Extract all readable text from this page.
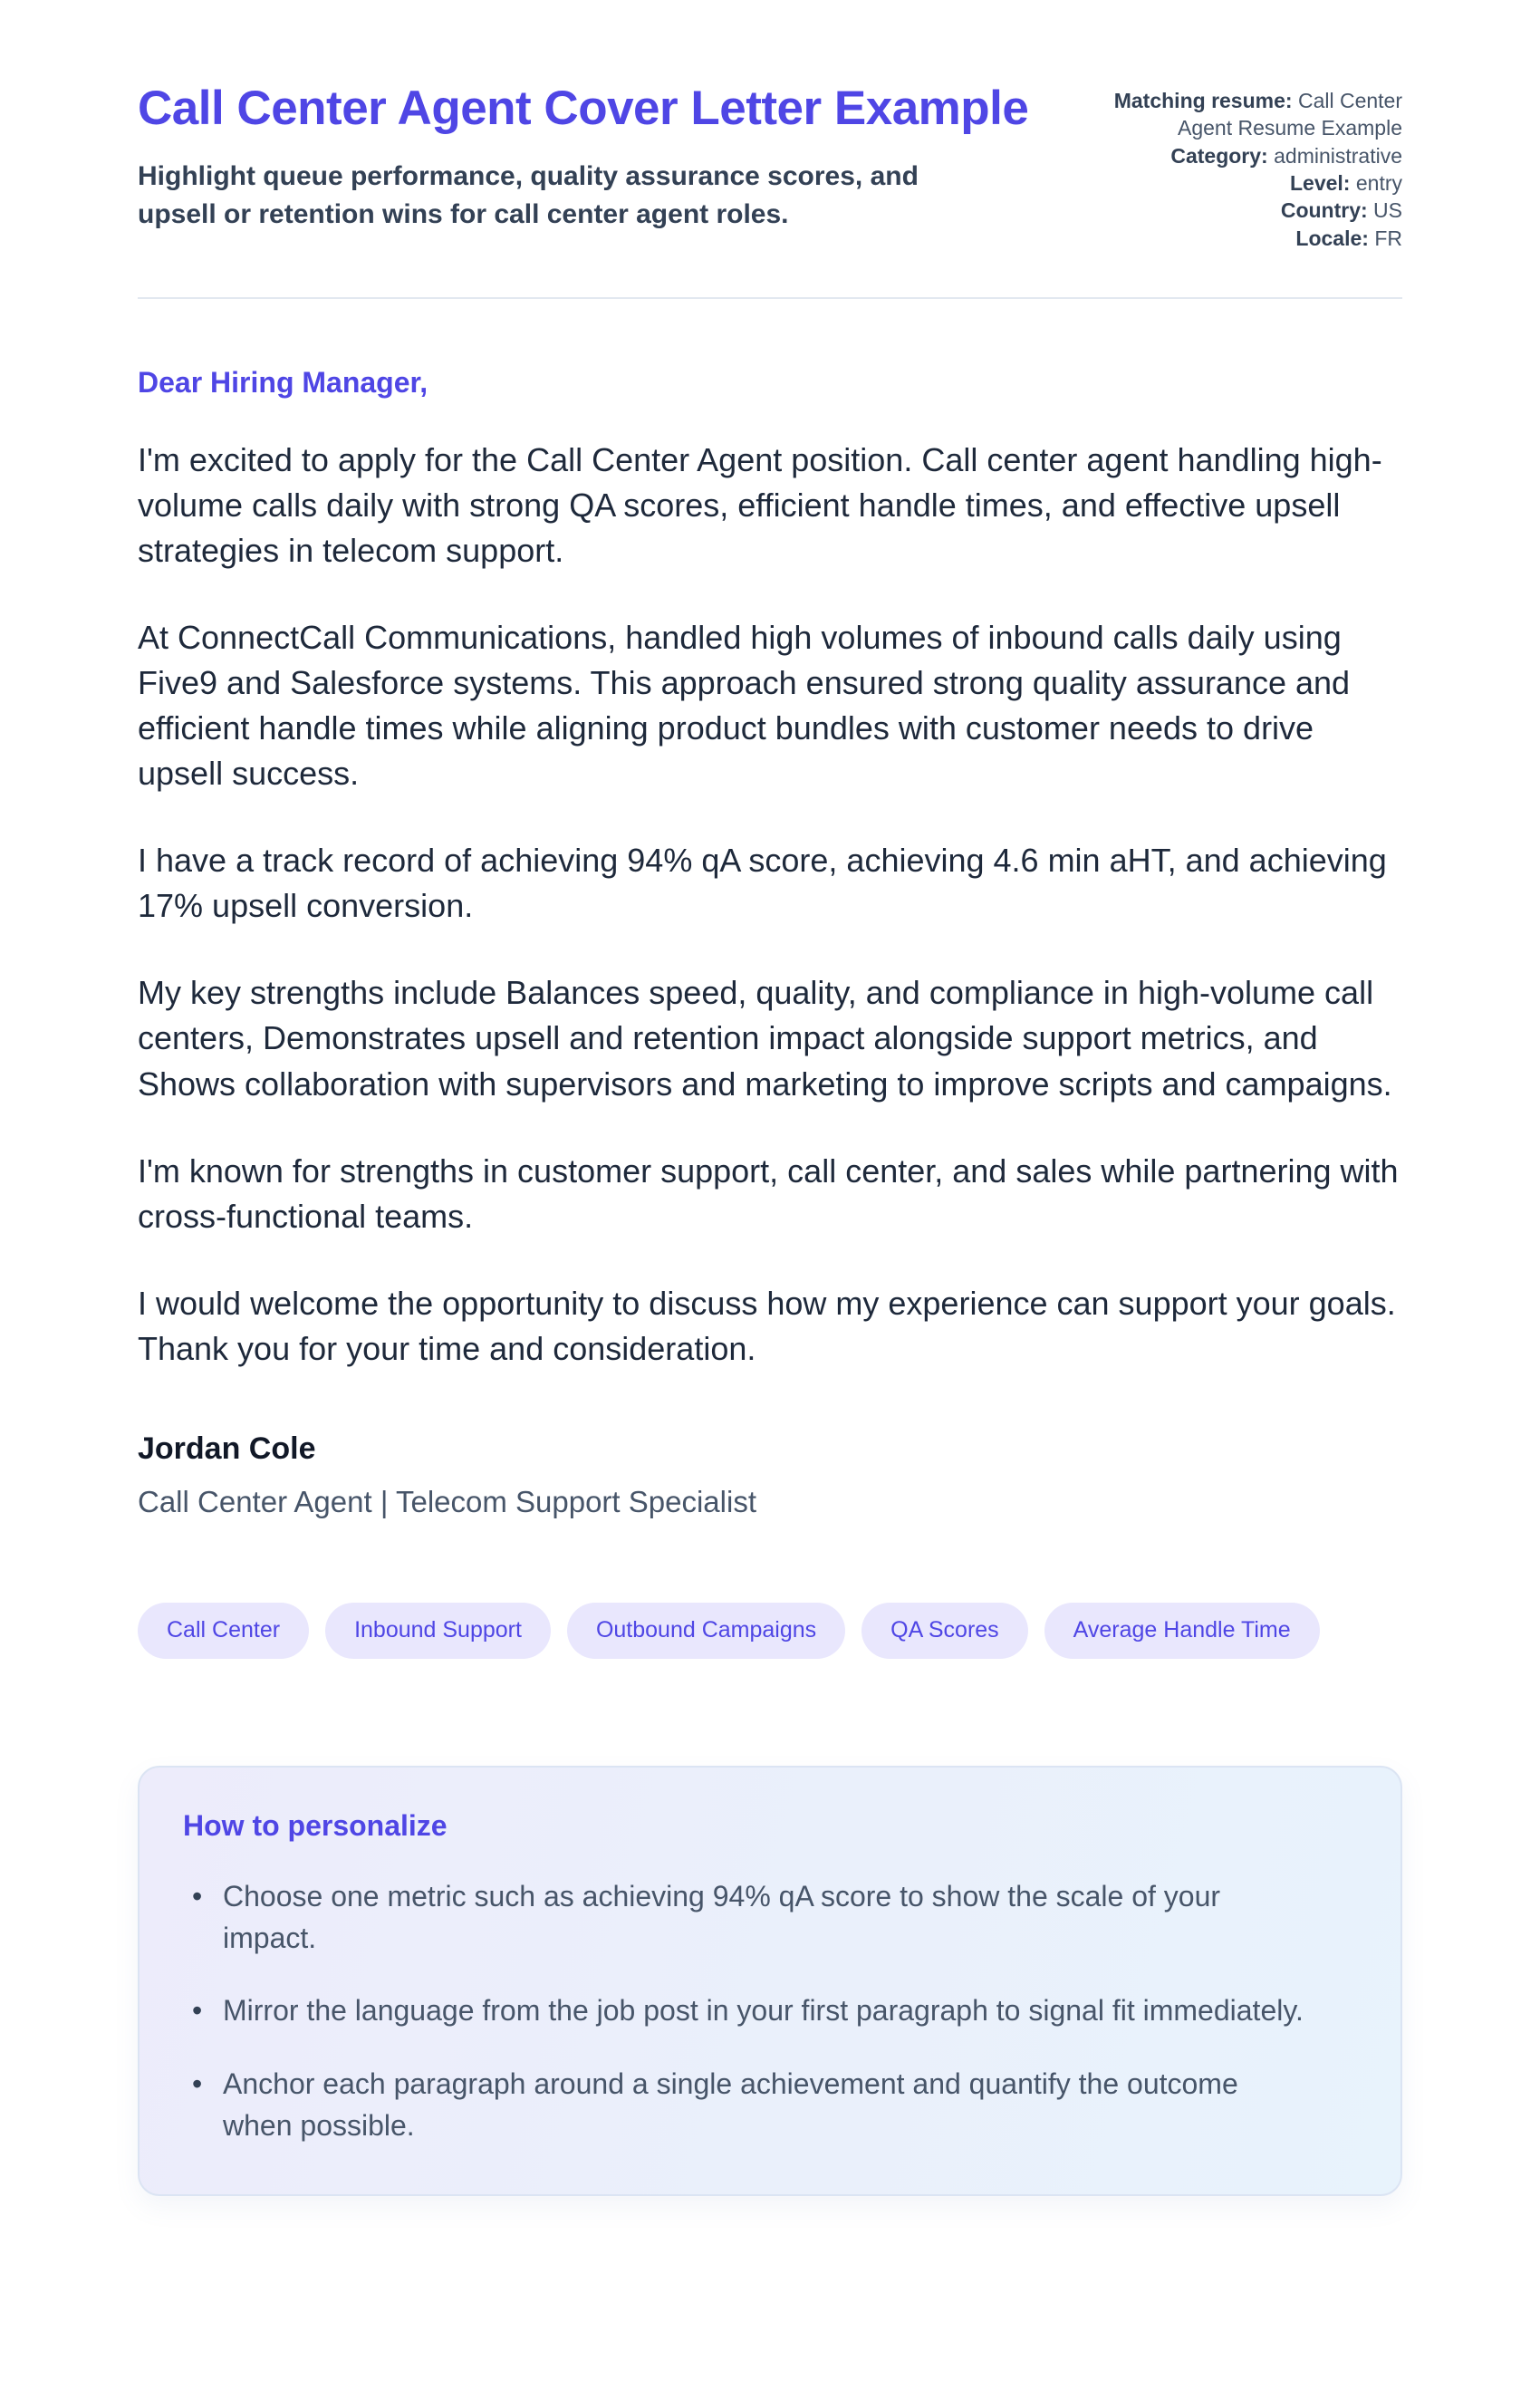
Call Center Agent Cover Letter Example
Highlight queue performance, quality assurance scores, and upsell or retention wins for call center agent roles.
Matching resume: Call Center Agent Resume Example
Category: administrative
Level: entry
Country: US
Locale: FR
Dear Hiring Manager,

I'm excited to apply for the Call Center Agent position. Call center agent handling high-volume calls daily with strong QA scores, efficient handle times, and effective upsell strategies in telecom support.

At ConnectCall Communications, handled high volumes of inbound calls daily using Five9 and Salesforce systems. This approach ensured strong quality assurance and efficient handle times while aligning product bundles with customer needs to drive upsell success.

I have a track record of achieving 94% qA score, achieving 4.6 min aHT, and achieving 17% upsell conversion.

My key strengths include Balances speed, quality, and compliance in high-volume call centers, Demonstrates upsell and retention impact alongside support metrics, and Shows collaboration with supervisors and marketing to improve scripts and campaigns.

I'm known for strengths in customer support, call center, and sales while partnering with cross-functional teams.

I would welcome the opportunity to discuss how my experience can support your goals. Thank you for your time and consideration.

Jordan Cole
Call Center Agent | Telecom Support Specialist
Call Center	Inbound Support	Outbound Campaigns	QA Scores	Average Handle Time
How to personalize
• Choose one metric such as achieving 94% qA score to show the scale of your impact.
• Mirror the language from the job post in your first paragraph to signal fit immediately.
• Anchor each paragraph around a single achievement and quantify the outcome when possible.
